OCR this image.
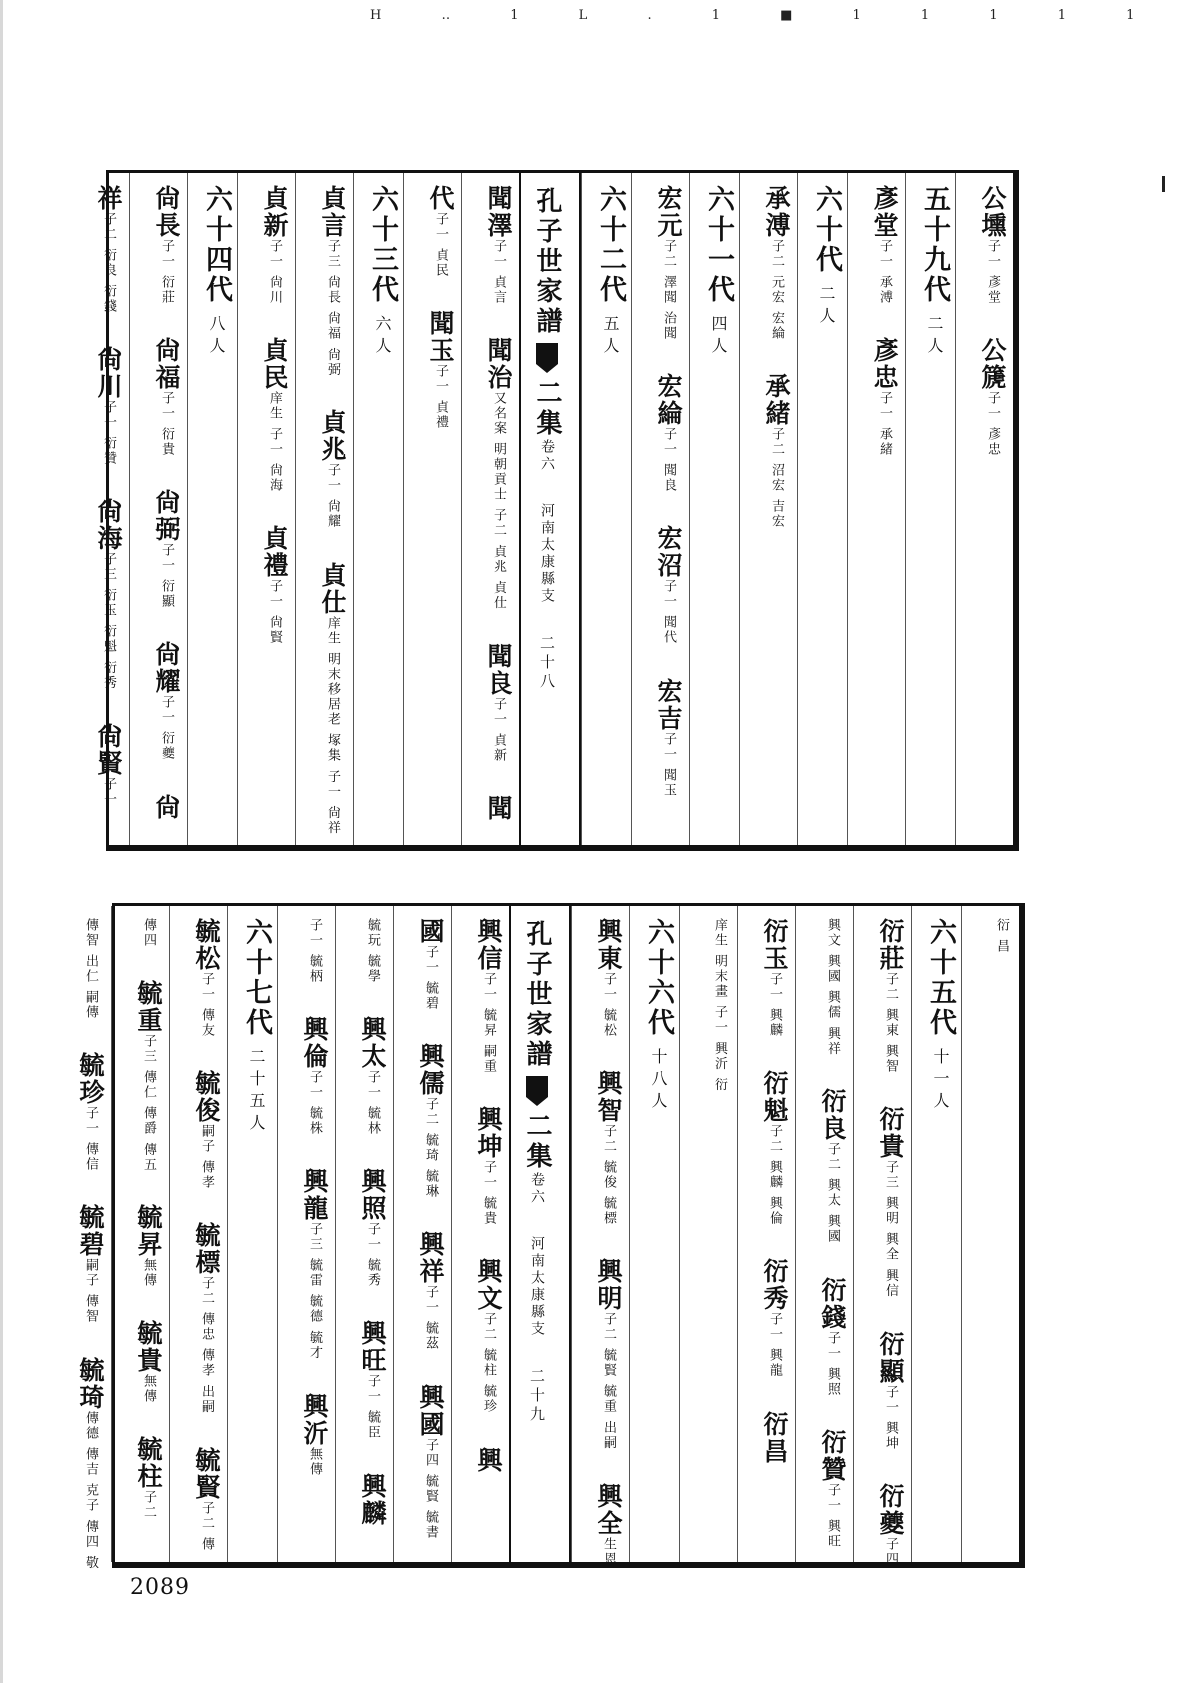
H ‥ 1 L . 1 ■ 1 1 1 1 1
公壎子一 彥堂　　公篪子一 彥忠　　
五十九代二人
彥堂子一 承溥　　彥忠子一 承緒　　
六十代二人
承溥子二 元宏 宏綸　　承緒子二 沼宏 吉宏　　
六十一代四人
宏元子二 澤聞 治聞　　宏綸子一 聞良　　宏沼子一 聞代　　宏吉子一 聞玉　　
六十二代五人
孔子世家譜二集卷六　河南太康縣支二十八
聞澤子一 貞言　　聞治又名案 明朝貢士 子二 貞兆 貞仕　　聞良子一 貞新　　聞　　
代子一 貞民　　聞玉子一 貞禮　　
六十三代六人
貞言子三 尙長 尙福 尙弼　　貞兆子一 尙耀　　貞仕庠生 明末移居老 塚集 子一 尙祥　　
貞新子一 尙川　　貞民庠生 子一 尙海　　貞禮子一 尙賢　　
六十四代八人
尙長子一 衍莊　　尙福子一 衍貴　　尙弼子一 衍顯　　尙耀子一 衍夔　　尙　　
祥子二 衍良 衍錢　　尙川子一 衍贊　　尙海子三 衍玉 衍魁 衍秀　　尙賢子一　　
衍 昌　　
六十五代十一人
衍莊子二 興東 興智　　衍貴子三 興明 興全 興信　　衍顯子一 興坤　　衍夔子四　　
興文 興國 興儒 興祥　　衍良子二 興太 興國　　衍錢子一 興照　　衍贊子一 興旺　　
衍玉子一 興麟　　衍魁子二 興麟 興倫　　衍秀子一 興龍　　衍昌　　
庠生 明末畫 子一 興沂 衍　　
六十六代十八人
興東子一 毓松　　興智子二 毓俊 毓標　　興明子二 毓賢 毓重 出嗣　　興全生恩　　
孔子世家譜二集卷六　河南太康縣支二十九
興信子一 毓昇 嗣重　　興坤子一 毓貴　　興文子二 毓柱 毓珍　　興　　
國子一 毓碧　　興儒子二 毓琦 毓琳　　興祥子一 毓茲　　興國子四 毓賢 毓書　　
毓玩 毓學　　興太子一 毓林　　興照子一 毓秀　　興旺子一 毓臣　　興麟　　
子一 毓柄　　興倫子一 毓株　　興龍子三 毓雷 毓德 毓才　　興沂無傳　　
六十七代二十五人
毓松子一 傳友　　毓俊嗣子 傳孝　　毓標子二 傳忠 傳孝 出嗣　　毓賢子二 傳　　
傳四　　毓重子三 傳仁 傳爵 傳五　　毓昇無傳　　毓貴無傳　　毓柱子二　　
傳智 出仁 嗣傳　　毓珍子一 傳信　　毓碧嗣子 傳智　　毓琦傳德 傳吉 克子 傳四 敬　　
2089
